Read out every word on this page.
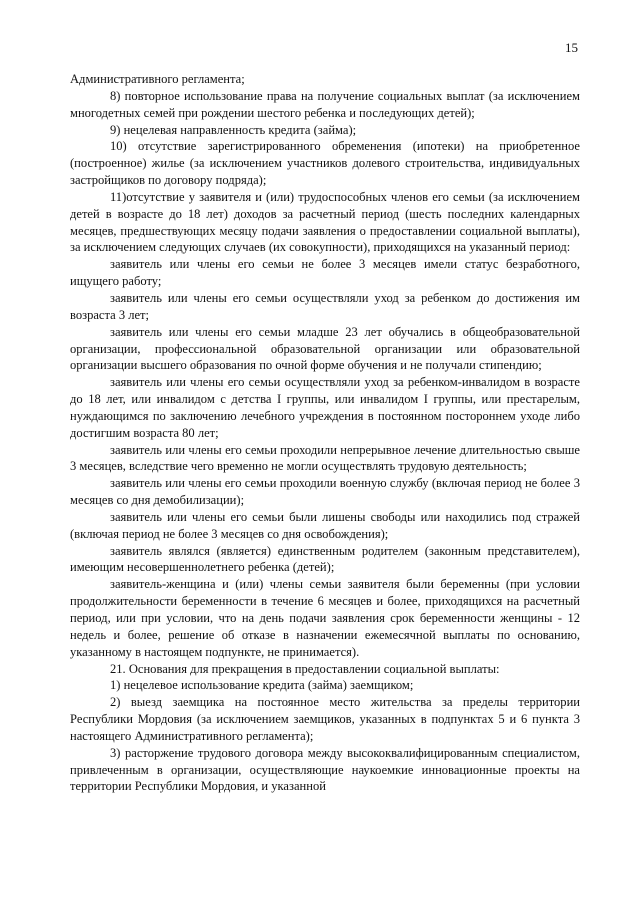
15

Административного регламента;

8) повторное использование права на получение социальных выплат (за исключением многодетных семей при рождении шестого ребенка и последующих детей);

9) нецелевая направленность кредита (займа);

10) отсутствие зарегистрированного обременения (ипотеки) на приобретенное (построенное) жилье (за исключением участников долевого строительства, индивидуальных застройщиков по договору подряда);

11)отсутствие у заявителя и (или) трудоспособных членов его семьи (за исключением детей в возрасте до 18 лет) доходов за расчетный период (шесть последних календарных месяцев, предшествующих месяцу подачи заявления о предоставлении социальной выплаты), за исключением следующих случаев (их совокупности), приходящихся на указанный период:

заявитель или члены его семьи не более 3 месяцев имели статус безработного, ищущего работу;

заявитель или члены его семьи осуществляли уход за ребенком до достижения им возраста 3 лет;

заявитель или члены его семьи младше 23 лет обучались в общеобразовательной организации, профессиональной образовательной организации или образовательной организации высшего образования по очной форме обучения и не получали стипендию;

заявитель или члены его семьи осуществляли уход за ребенком-инвалидом в возрасте до 18 лет, или инвалидом с детства I группы, или инвалидом I группы, или престарелым, нуждающимся по заключению лечебного учреждения в постоянном постороннем уходе либо достигшим возраста 80 лет;

заявитель или члены его семьи проходили непрерывное лечение длительностью свыше 3 месяцев, вследствие чего временно не могли осуществлять трудовую деятельность;

заявитель или члены его семьи проходили военную службу (включая период не более 3 месяцев со дня демобилизации);

заявитель или члены его семьи были лишены свободы или находились под стражей (включая период не более 3 месяцев со дня освобождения);

заявитель являлся (является) единственным родителем (законным представителем), имеющим несовершеннолетнего ребенка (детей);

заявитель-женщина и (или) члены семьи заявителя были беременны (при условии продолжительности беременности в течение 6 месяцев и более, приходящихся на расчетный период, или при условии, что на день подачи заявления срок беременности женщины - 12 недель и более, решение об отказе в назначении ежемесячной выплаты по основанию, указанному в настоящем подпункте, не принимается).

21. Основания для прекращения в предоставлении социальной выплаты:

1) нецелевое использование кредита (займа) заемщиком;

2) выезд заемщика на постоянное место жительства за пределы территории Республики Мордовия (за исключением заемщиков, указанных в подпунктах 5 и 6 пункта 3 настоящего Административного регламента);

3) расторжение трудового договора между высококвалифицированным специалистом, привлеченным в организации, осуществляющие наукоемкие инновационные проекты на территории Республики Мордовия, и указанной
